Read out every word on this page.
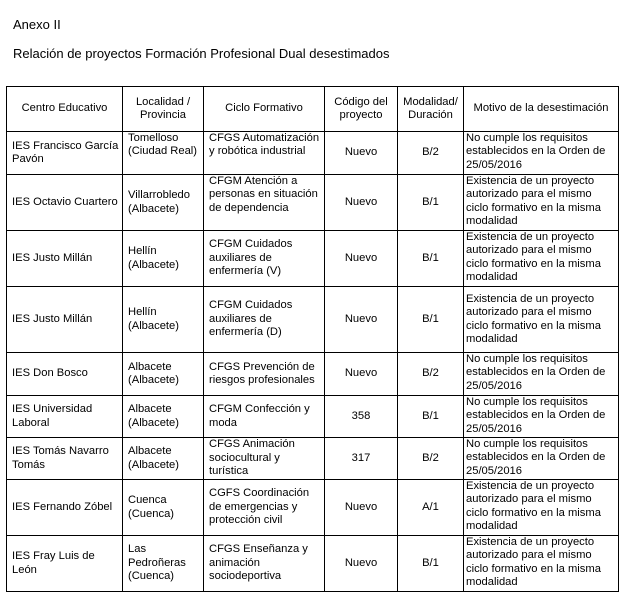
Anexo II
Relación de proyectos Formación Profesional Dual desestimados
Centro Educativo	Localidad / Provincia	Ciclo Formativo	Código del proyecto	Modalidad/ Duración	Motivo de la desestimación
IES Francisco García Pavón	Tomelloso (Ciudad Real)	CFGS Automatización y robótica industrial	Nuevo	B/2	No cumple los requisitos establecidos en la Orden de 25/05/2016
IES Octavio Cuartero	Villarrobledo (Albacete)	CFGM Atención a personas en situación de dependencia	Nuevo	B/1	Existencia de un proyecto autorizado para el mismo ciclo formativo en la misma modalidad
IES Justo Millán	Hellín (Albacete)	CFGM Cuidados auxiliares de enfermería (V)	Nuevo	B/1	Existencia de un proyecto autorizado para el mismo ciclo formativo en la misma modalidad
IES Justo Millán	Hellín (Albacete)	CFGM Cuidados auxiliares de enfermería (D)	Nuevo	B/1	Existencia de un proyecto autorizado para el mismo ciclo formativo en la misma modalidad
IES Don Bosco	Albacete (Albacete)	CFGS Prevención de riesgos profesionales	Nuevo	B/2	No cumple los requisitos establecidos en la Orden de 25/05/2016
IES Universidad Laboral	Albacete (Albacete)	CFGM Confección y moda	358	B/1	No cumple los requisitos establecidos en la Orden de 25/05/2016
IES Tomás Navarro Tomás	Albacete (Albacete)	CFGS Animación sociocultural y turística	317	B/2	No cumple los requisitos establecidos en la Orden de 25/05/2016
IES Fernando Zóbel	Cuenca (Cuenca)	CGFS Coordinación de emergencias y protección civil	Nuevo	A/1	Existencia de un proyecto autorizado para el mismo ciclo formativo en la misma modalidad
IES Fray Luis de León	Las Pedroñeras (Cuenca)	CFGS Enseñanza y animación sociodeportiva	Nuevo	B/1	Existencia de un proyecto autorizado para el mismo ciclo formativo en la misma modalidad
